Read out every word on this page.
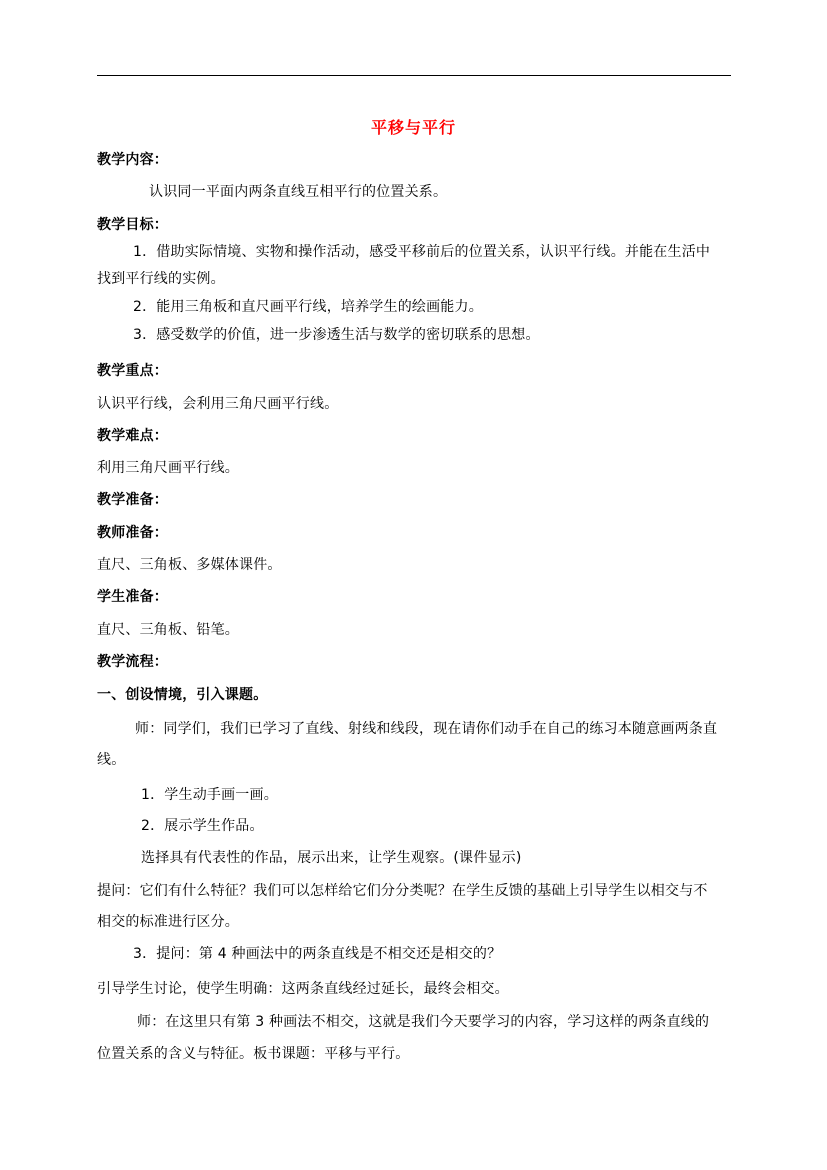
平移与平行
教学内容：
认识同一平面内两条直线互相平行的位置关系。
教学目标：
1．借助实际情境、实物和操作活动，感受平移前后的位置关系，认识平行线。并能在生活中
找到平行线的实例。
2．能用三角板和直尺画平行线，培养学生的绘画能力。
3．感受数学的价值，进一步渗透生活与数学的密切联系的思想。
教学重点：
认识平行线，会利用三角尺画平行线。
教学难点：
利用三角尺画平行线。
教学准备：
教师准备：
直尺、三角板、多媒体课件。
学生准备：
直尺、三角板、铅笔。
教学流程：
一、创设情境，引入课题。
师：同学们，我们已学习了直线、射线和线段，现在请你们动手在自己的练习本随意画两条直
线。
1．学生动手画一画。
2．展示学生作品。
选择具有代表性的作品，展示出来，让学生观察。(课件显示)
提问：它们有什么特征？我们可以怎样给它们分分类呢？在学生反馈的基础上引导学生以相交与不
相交的标准进行区分。
3．提问：第 4 种画法中的两条直线是不相交还是相交的？
引导学生讨论，使学生明确：这两条直线经过延长，最终会相交。
师：在这里只有第 3 种画法不相交，这就是我们今天要学习的内容，学习这样的两条直线的
位置关系的含义与特征。板书课题：平移与平行。
